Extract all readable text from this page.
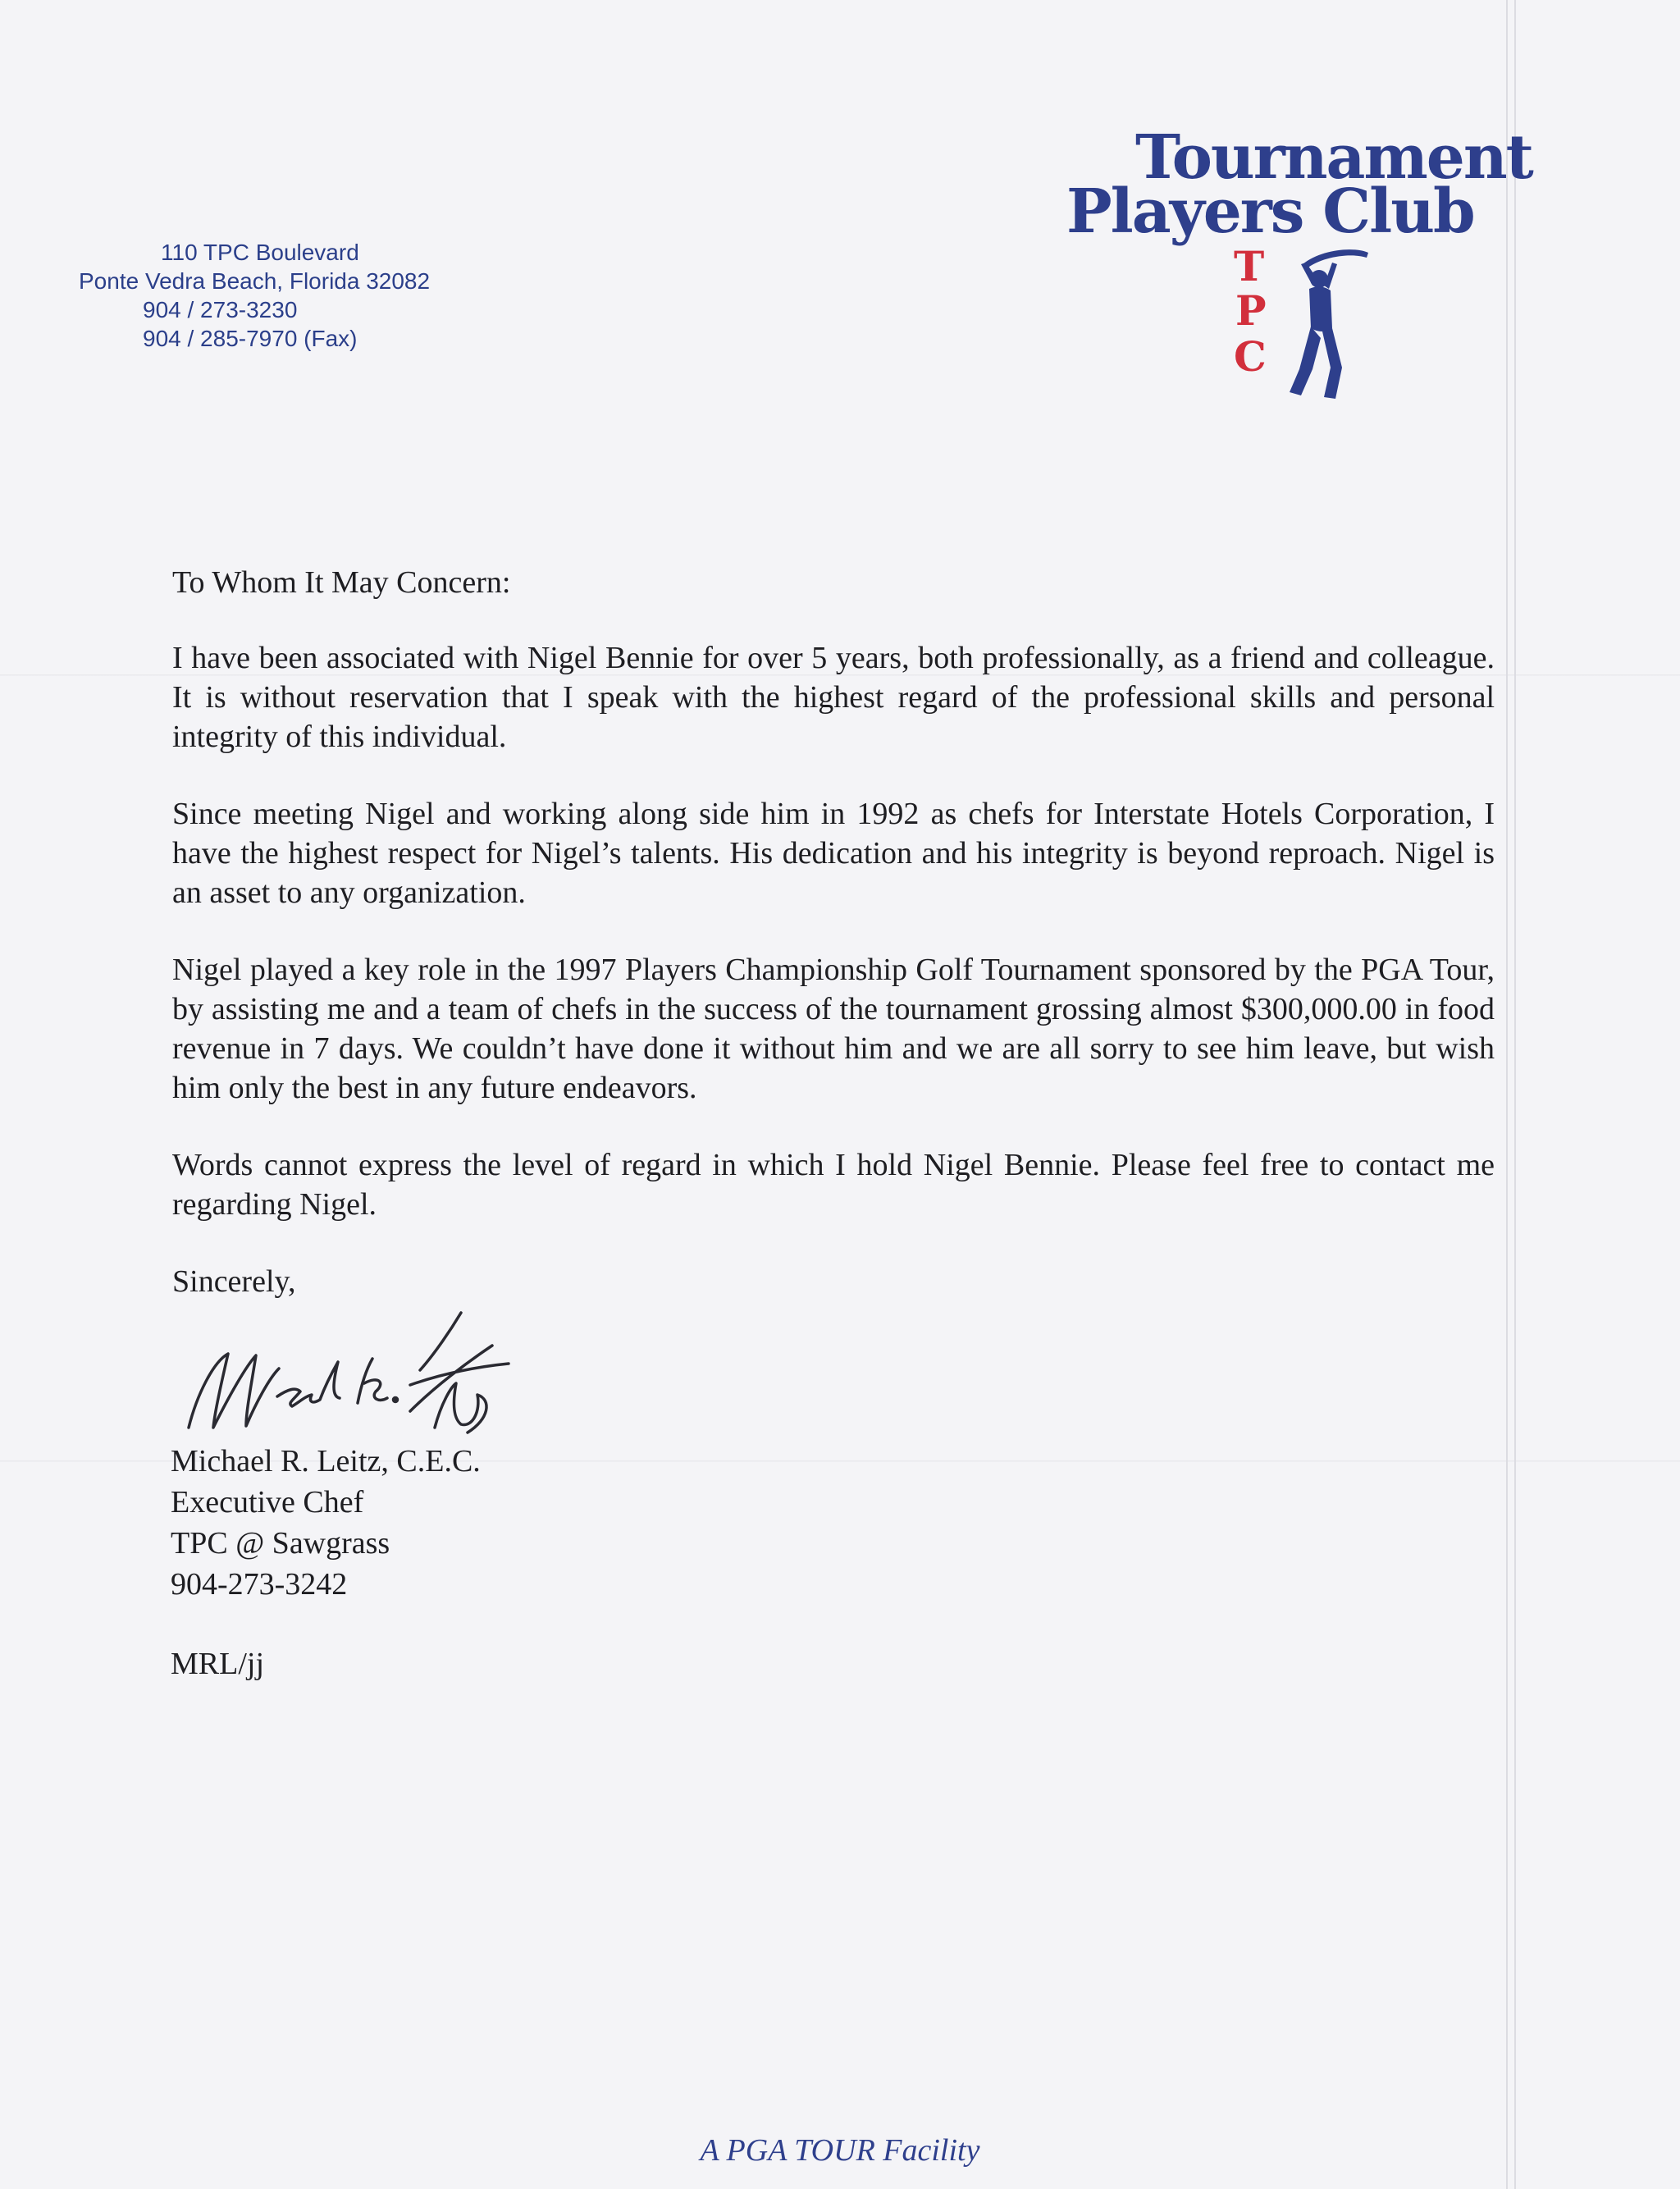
110 TPC Boulevard
Ponte Vedra Beach, Florida 32082
904 / 273-3230
904 / 285-7970 (Fax)
Tournament
Players Club
T
P
C

To Whom It May Concern:

I have been associated with Nigel Bennie for over 5 years, both professionally, as a friend and colleague. It is without reservation that I speak with the highest regard of the professional skills and personal integrity of this individual.

Since meeting Nigel and working along side him in 1992 as chefs for Interstate Hotels Corporation, I have the highest respect for Nigel’s talents. His dedication and his integrity is beyond reproach. Nigel is an asset to any organization.

Nigel played a key role in the 1997 Players Championship Golf Tournament sponsored by the PGA Tour, by assisting me and a team of chefs in the success of the tournament grossing almost $300,000.00 in food revenue in 7 days. We couldn’t have done it without him and we are all sorry to see him leave, but wish him only the best in any future endeavors.

Words cannot express the level of regard in which I hold Nigel Bennie. Please feel free to contact me regarding Nigel.

Sincerely,

Michael R. Leitz, C.E.C.
Executive Chef
TPC @ Sawgrass
904-273-3242
MRL/jj
A PGA TOUR Facility
